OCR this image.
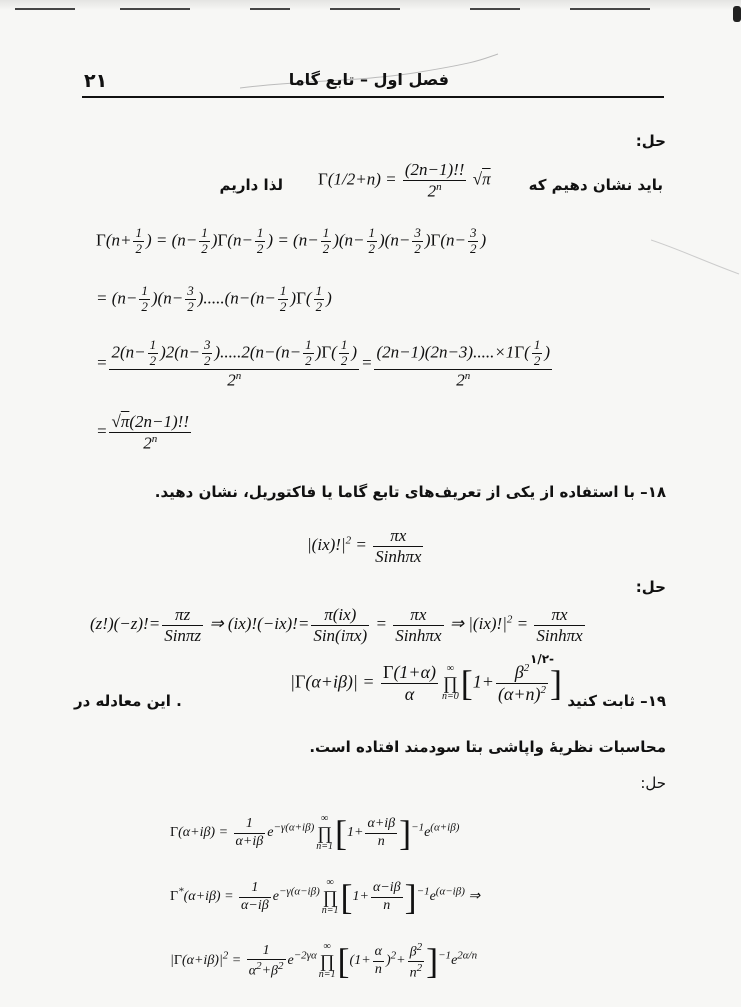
۲۱	فصل اول – تابع گاما
حل:
باید نشان دهیم که
$\Gamma(1/2+n) = \frac{(2n-1)!!}{2^n} √\pi$
لذا داریم
$\Gamma(n+ \frac{1}{2}$ ) = $(n- \frac{1}{2} )\Gamma(n- \frac{1}{2}$ ) = $(n- \frac{1}{2} )(n- \frac{1}{2} )(n- \frac{3}{2} )\Gamma(n- \frac{3}{2}$ )
= $(n- \frac{1}{2} )(n- \frac{3}{2} ).....(n-(n- \frac{1}{2} )\Gamma( \frac{1}{2}$ )
= $\frac{2(n- \frac{1}{2} )2(n- \frac{3}{2} ).....2(n-(n- \frac{1}{2} )\Gamma( \frac{1}{2} )}{2^n} = \frac{(2n-1)(2n-3).....\times 1\Gamma( \frac{1}{2} )}{2^n}$
= $\frac{√\pi(2n-1)!!}{2^n}$
۱۸– با استفاده از یکی از تعریف‌های تابع گاما یا فاکتوریل، نشان دهید.
$|(ix)!|^2 = \frac{\pi x}{\text{Sinhπx}}$
حل:
$(z!)(-z)!= \frac{\pi z}{\text{Sinπz}}$ ⇒ $(ix)!(-ix)!= \frac{\pi(ix)}{\text{Sin(iπx)}} = \frac{\pi x}{\text{Sinhπx}}$ ⇒ $|(ix)!|^2 = \frac{\pi x}{\text{Sinhπx}}$
۱۹– ثابت کنید
$|\Gamma(\alpha+i\beta)| = \frac{\Gamma(1+\alpha)}{\alpha}$ ∞
∏
n=0 [$1+ \frac{\beta^2}{(\alpha+n)^2}$ ]
-۱/۲
. این معادله در
محاسبات نظریهٔ واپاشی بتا سودمند افتاده است.
حل:
$\Gamma(\alpha+i\beta) = \frac{1}{\alpha+i\beta} e^{-\gamma(\alpha+i\beta)}$
∞
∏
n=1 $[1+ \frac{\alpha+i\beta}{n} ]^{-1}e^{(\alpha+i\beta)}$
$\Gamma^*(\alpha+i\beta) = \frac{1}{\alpha-i\beta} e^{-\gamma(\alpha-i\beta)}$
∞
∏
n=1 $[1+ \frac{\alpha-i\beta}{n} ]^{-1}e^{(\alpha-i\beta)}$ ⇒
$|\Gamma(\alpha+i\beta)|^2 = \frac{1}{\alpha^2+\beta^2} e^{-2\gamma\alpha}$
∞
∏
n=1 $[(1+ \frac{\alpha}{n} )^2+ \frac{\beta^2}{n^2} ]^{-1}e^{2\alpha/n}$
